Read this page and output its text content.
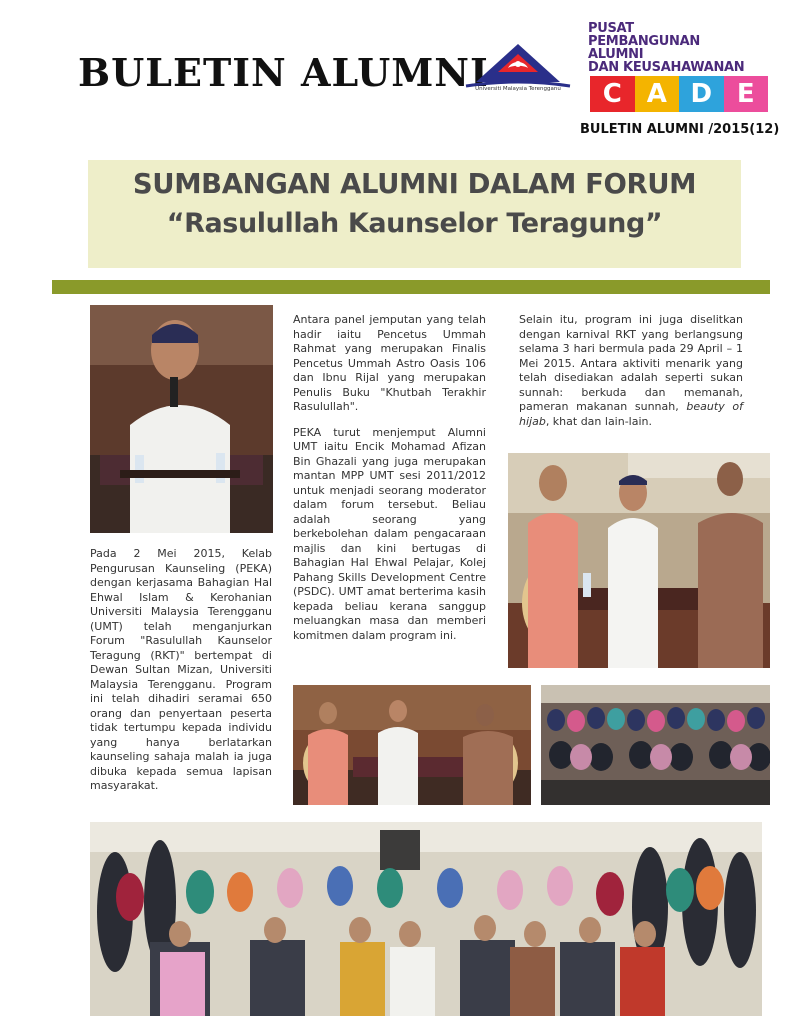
BULETIN ALUMNI
Universiti Malaysia Terengganu
PUSAT
PEMBANGUNAN
ALUMNI
DAN KEUSAHAWANAN
C A D E
BULETIN ALUMNI /2015(12)
SUMBANGAN ALUMNI DALAM FORUM
“Rasulullah Kaunselor Teragung”

Pada 2 Mei 2015, Kelab Pengurusan Kaunseling (PEKA) dengan kerjasama Bahagian Hal Ehwal Islam & Kerohanian Universiti Malaysia Terengganu (UMT) telah menganjurkan Forum "Rasulullah Kaunselor Teragung (RKT)" bertempat di Dewan Sultan Mizan, Universiti Malaysia Terengganu. Program ini telah dihadiri seramai 650 orang dan penyertaan peserta tidak tertumpu kepada individu yang hanya berlatarkan kaunseling sahaja malah ia juga dibuka kepada semua lapisan masyarakat.

Antara panel jemputan yang telah hadir iaitu Pencetus Ummah Rahmat yang merupakan Finalis Pencetus Ummah Astro Oasis 106 dan Ibnu Rijal yang merupakan Penulis Buku "Khutbah Terakhir Rasulullah".

PEKA turut menjemput Alumni UMT iaitu Encik Mohamad Afizan Bin Ghazali yang juga merupakan mantan MPP UMT sesi 2011/2012 untuk menjadi seorang moderator dalam forum tersebut. Beliau adalah seorang yang berkebolehan dalam pengacaraan majlis dan kini bertugas di Bahagian Hal Ehwal Pelajar, Kolej Pahang Skills Development Centre (PSDC). UMT amat berterima kasih kepada beliau kerana sanggup meluangkan masa dan memberi komitmen dalam program ini.

Selain itu, program ini juga diselitkan dengan karnival RKT yang berlangsung selama 3 hari bermula pada 29 April – 1 Mei 2015. Antara aktiviti menarik yang telah disediakan adalah seperti sukan sunnah: berkuda dan memanah, pameran makanan sunnah, beauty of hijab, khat dan lain-lain.
